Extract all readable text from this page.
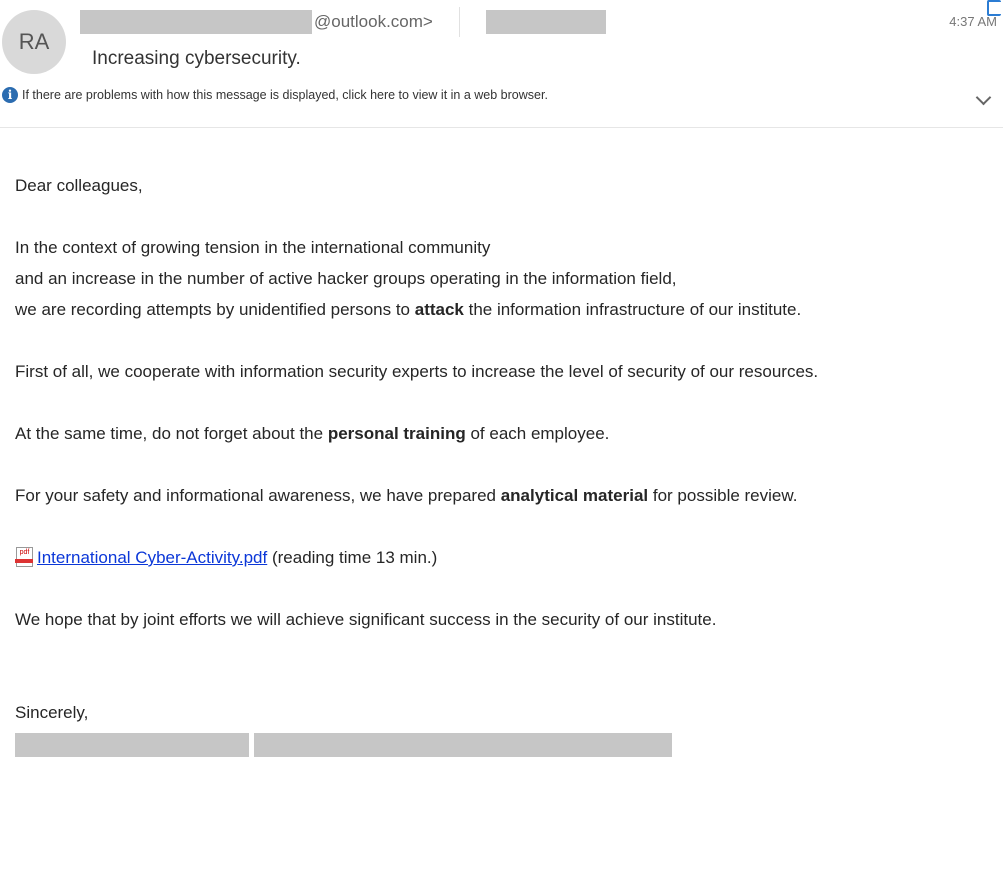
RA
@outlook.com>	4:37 AM
Increasing cybersecurity.
i If there are problems with how this message is displayed, click here to view it in a web browser.

Dear colleagues,

In the context of growing tension in the international community
and an increase in the number of active hacker groups operating in the information field,
we are recording attempts by unidentified persons to attack the information infrastructure of our institute.

First of all, we cooperate with information security experts to increase the level of security of our resources.

At the same time, do not forget about the personal training of each employee.

For your safety and informational awareness, we have prepared analytical material for possible review.

pdf International Cyber-Activity.pdf (reading time 13 min.)

We hope that by joint efforts we will achieve significant success in the security of our institute.

Sincerely,
